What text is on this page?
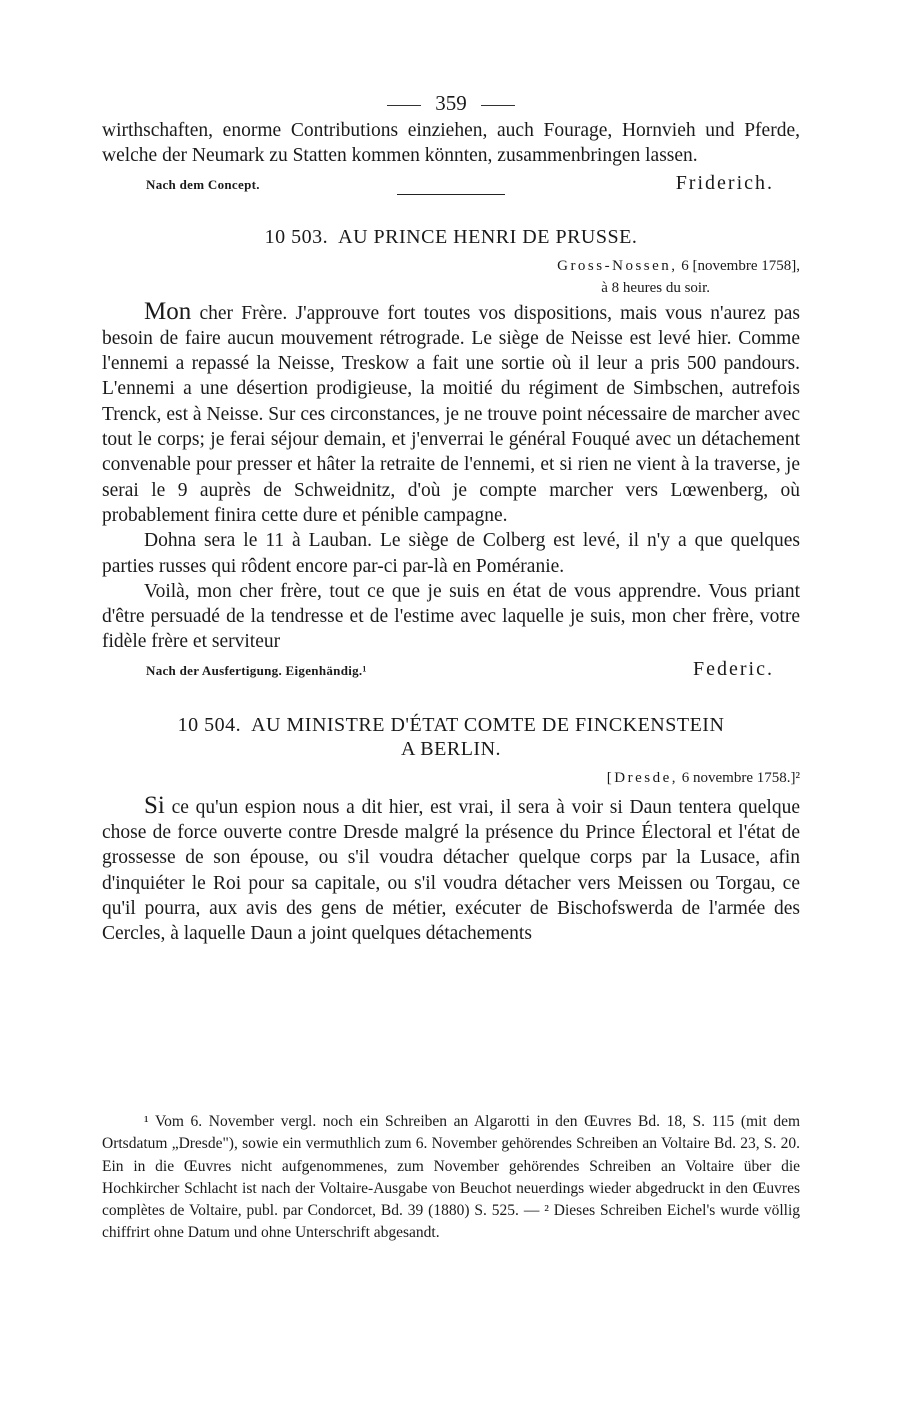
359

wirthschaften, enorme Contributions einziehen, auch Fourage, Hornvieh und Pferde, welche der Neumark zu Statten kommen könnten, zusammenbringen lassen.

Nach dem Concept.	Friderich.
10 503. AU PRINCE HENRI DE PRUSSE.
Gross-Nossen, 6 [novembre 1758],
à 8 heures du soir.

Mon cher Frère. J'approuve fort toutes vos dispositions, mais vous n'aurez pas besoin de faire aucun mouvement rétrograde. Le siège de Neisse est levé hier. Comme l'ennemi a repassé la Neisse, Treskow a fait une sortie où il leur a pris 500 pandours. L'ennemi a une désertion prodigieuse, la moitié du régiment de Simbschen, autrefois Trenck, est à Neisse. Sur ces circonstances, je ne trouve point nécessaire de marcher avec tout le corps; je ferai séjour demain, et j'enverrai le général Fouqué avec un détachement convenable pour presser et hâter la retraite de l'ennemi, et si rien ne vient à la traverse, je serai le 9 auprès de Schweidnitz, d'où je compte marcher vers Lœwenberg, où probablement finira cette dure et pénible campagne.

Dohna sera le 11 à Lauban. Le siège de Colberg est levé, il n'y a que quelques parties russes qui rôdent encore par-ci par-là en Poméranie.

Voilà, mon cher frère, tout ce que je suis en état de vous apprendre. Vous priant d'être persuadé de la tendresse et de l'estime avec laquelle je suis, mon cher frère, votre fidèle frère et serviteur

Nach der Ausfertigung. Eigenhändig.¹	Federic.
10 504. AU MINISTRE D'ÉTAT COMTE DE FINCKENSTEIN
A BERLIN.
[Dresde, 6 novembre 1758.]²

Si ce qu'un espion nous a dit hier, est vrai, il sera à voir si Daun tentera quelque chose de force ouverte contre Dresde malgré la présence du Prince Électoral et l'état de grossesse de son épouse, ou s'il voudra détacher quelque corps par la Lusace, afin d'inquiéter le Roi pour sa capitale, ou s'il voudra détacher vers Meissen ou Torgau, ce qu'il pourra, aux avis des gens de métier, exécuter de Bischofswerda de l'armée des Cercles, à laquelle Daun a joint quelques détachements

¹ Vom 6. November vergl. noch ein Schreiben an Algarotti in den Œuvres Bd. 18, S. 115 (mit dem Ortsdatum „Dresde"), sowie ein vermuthlich zum 6. November gehörendes Schreiben an Voltaire Bd. 23, S. 20. Ein in die Œuvres nicht aufgenommenes, zum November gehörendes Schreiben an Voltaire über die Hochkircher Schlacht ist nach der Voltaire-Ausgabe von Beuchot neuerdings wieder abgedruckt in den Œuvres complètes de Voltaire, publ. par Condorcet, Bd. 39 (1880) S. 525. — ² Dieses Schreiben Eichel's wurde völlig chiffrirt ohne Datum und ohne Unterschrift abgesandt.
